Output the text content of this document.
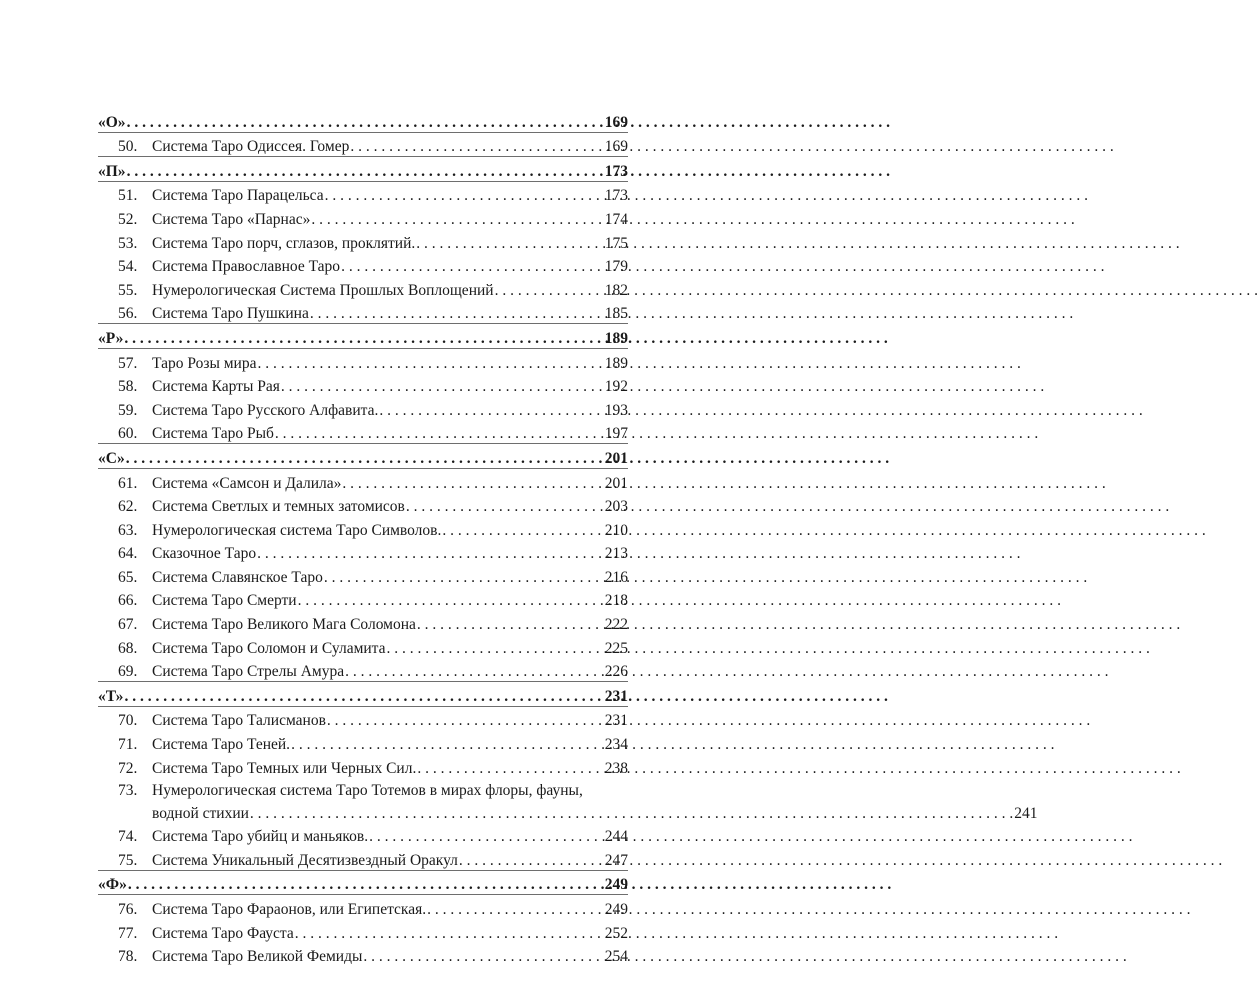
«О» . . .	169
50. Система Таро Одиссея. Гомер . . .	169
«П» . . .	173
51. Система Таро Парацельса . . .	173
52. Система Таро «Парнас» . . .	174
53. Система Таро порч, сглазов, проклятий. . . .	175
54. Система Православное Таро . . .	179
55. Нумерологическая Система Прошлых Воплощений . . .	182
56. Система Таро Пушкина . . .	185
«Р» . . .	189
57. Таро Розы мира . . .	189
58. Система Карты Рая . . .	192
59. Система Таро Русского Алфавита. . . .	193
60. Система Таро Рыб . . .	197
«С» . . .	201
61. Система «Самсон и Далила» . . .	201
62. Система Светлых и темных затомисов . . .	203
63. Нумерологическая система Таро Символов. . . .	210
64. Сказочное Таро . . .	213
65. Система Славянское Таро . . .	216
66. Система Таро Смерти . . .	218
67. Система Таро Великого Мага Соломона . . .	222
68. Система Таро Соломон и Суламита . . .	225
69. Система Таро Стрелы Амура . . .	226
«Т» . . .	231
70. Система Таро Талисманов . . .	231
71. Система Таро Теней. . . .	234
72. Система Таро Темных или Черных Сил. . . .	238
73. Нумерологическая система Таро Тотемов в мирах флоры, фауны,
водной стихии . . .	241
74. Система Таро убийц и маньяков. . . .	244
75. Система Уникальный Десятизвездный Оракул . . .	247
«Ф» . . .	249
76. Система Таро Фараонов, или Египетская. . . .	249
77. Система Таро Фауста . . .	252
78. Система Таро Великой Фемиды . . .	254
